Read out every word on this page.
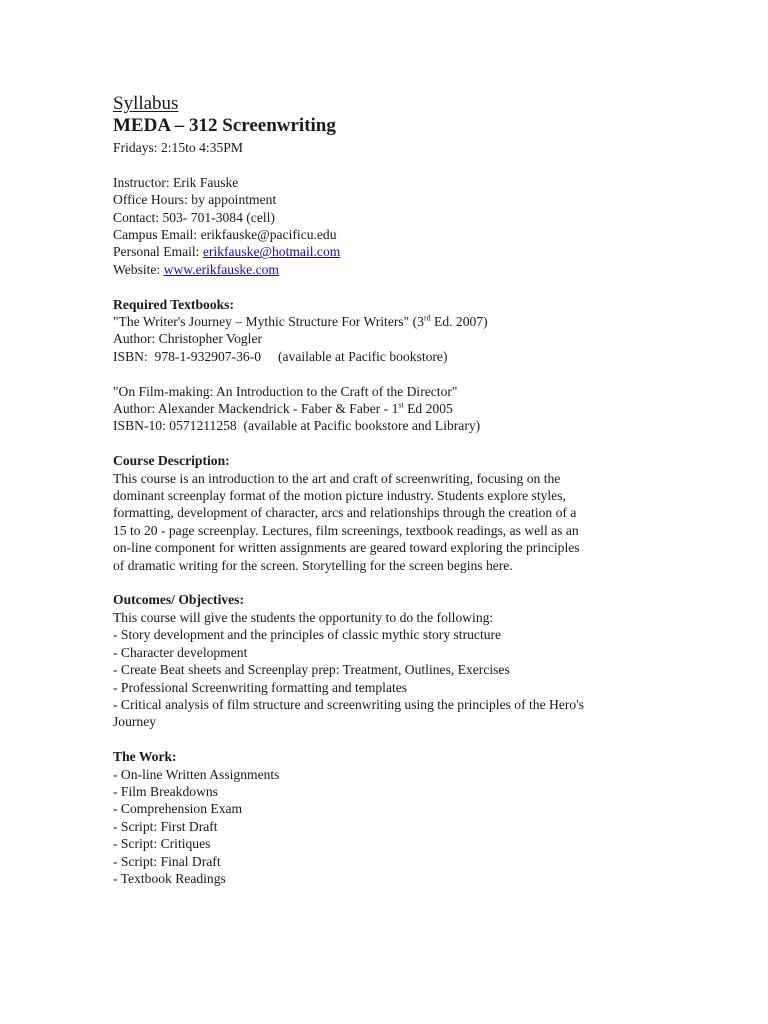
Syllabus
MEDA – 312 Screenwriting
Fridays: 2:15to 4:35PM
Instructor: Erik Fauske
Office Hours: by appointment
Contact: 503- 701-3084 (cell)
Campus Email: erikfauske@pacificu.edu
Personal Email: erikfauske@hotmail.com
Website: www.erikfauske.com
Required Textbooks:
"The Writer's Journey – Mythic Structure For Writers" (3rd Ed. 2007)
Author: Christopher Vogler
ISBN:  978-1-932907-36-0     (available at Pacific bookstore)
"On Film-making: An Introduction to the Craft of the Director"
Author: Alexander Mackendrick - Faber & Faber - 1st Ed 2005
ISBN-10: 0571211258  (available at Pacific bookstore and Library)
Course Description:
This course is an introduction to the art and craft of screenwriting, focusing on the
dominant screenplay format of the motion picture industry. Students explore styles,
formatting, development of character, arcs and relationships through the creation of a
15 to 20 - page screenplay. Lectures, film screenings, textbook readings, as well as an
on-line component for written assignments are geared toward exploring the principles
of dramatic writing for the screen. Storytelling for the screen begins here.
Outcomes/ Objectives:
This course will give the students the opportunity to do the following:
- Story development and the principles of classic mythic story structure
- Character development
- Create Beat sheets and Screenplay prep: Treatment, Outlines, Exercises
- Professional Screenwriting formatting and templates
- Critical analysis of film structure and screenwriting using the principles of the Hero's
Journey
The Work:
- On-line Written Assignments
- Film Breakdowns
- Comprehension Exam
- Script: First Draft
- Script: Critiques
- Script: Final Draft
- Textbook Readings
